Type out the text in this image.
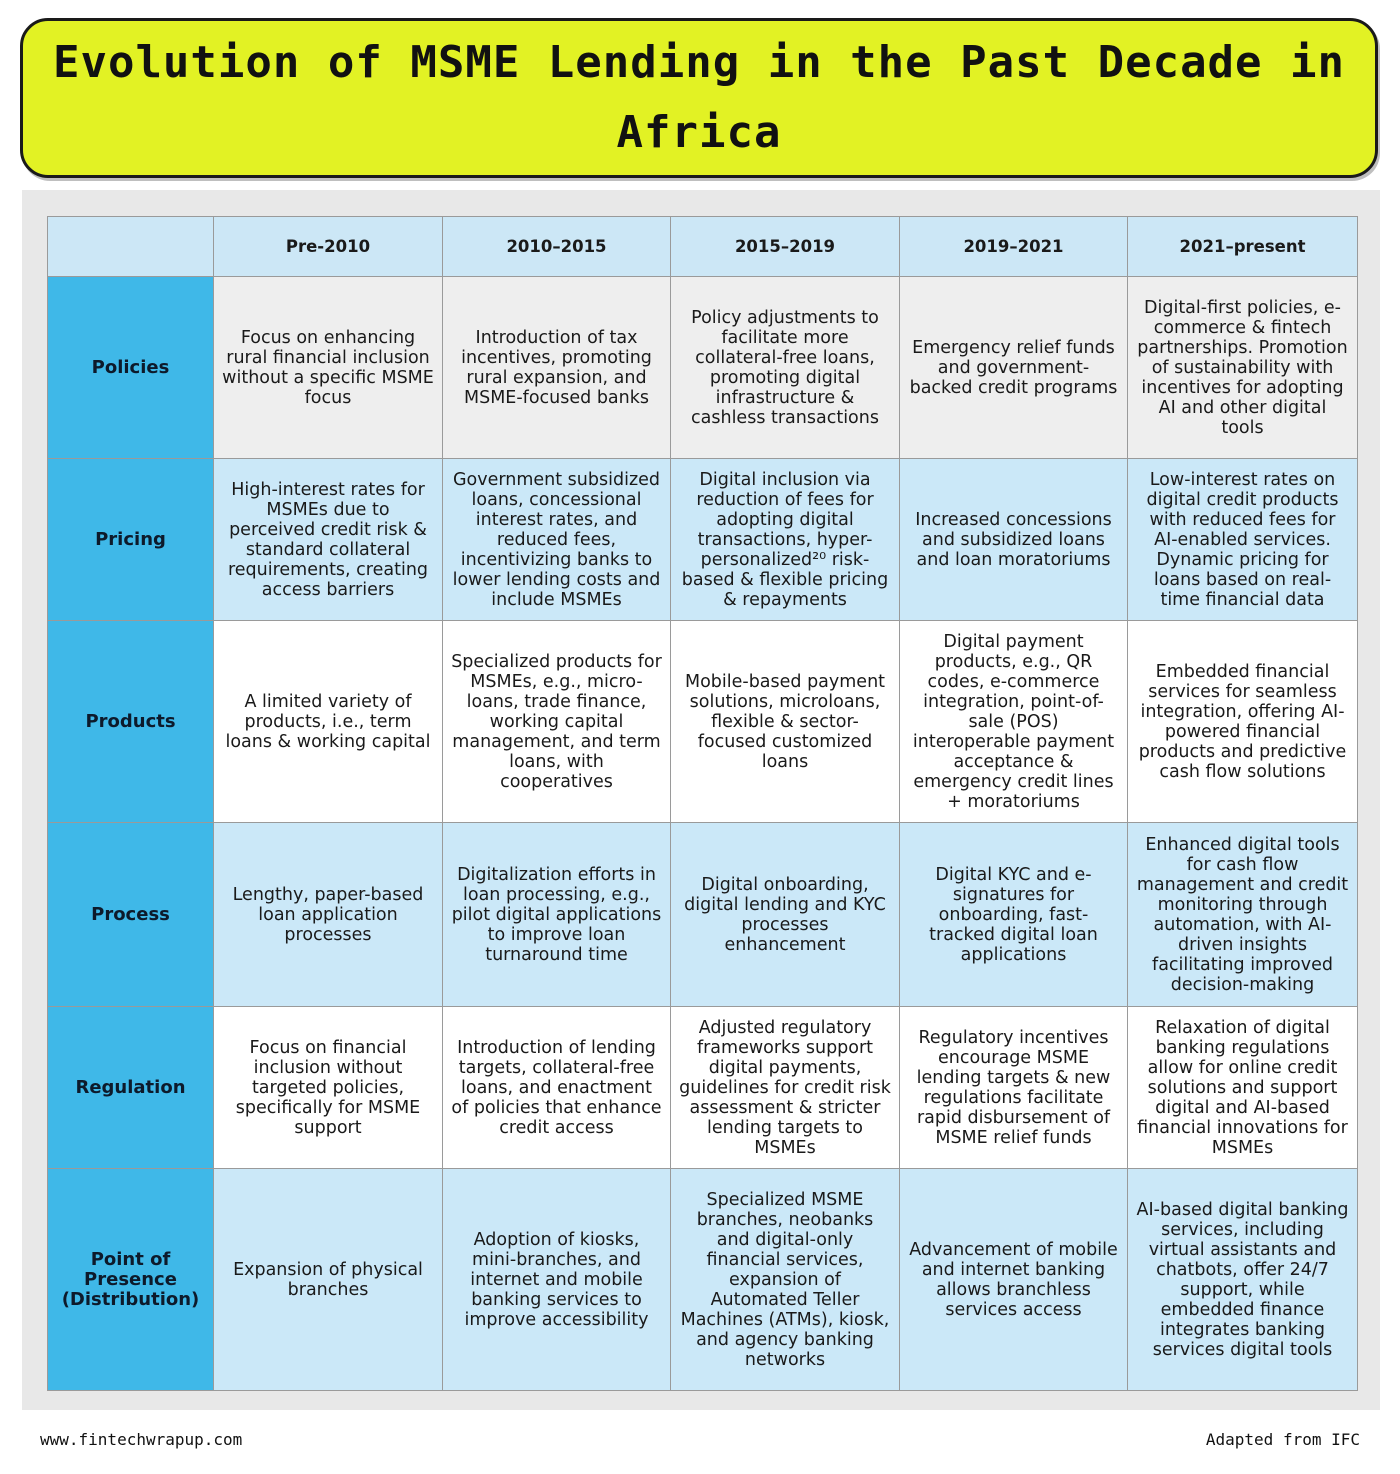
Evolution of MSME Lending in the Past Decade in Africa
	Pre-2010	2010–2015	2015–2019	2019–2021	2021–present
Policies	Focus on enhancing rural financial inclusion without a specific MSME focus	Introduction of tax incentives, promoting rural expansion, and MSME-focused banks	Policy adjustments to facilitate more collateral-free loans, promoting digital infrastructure & cashless transactions	Emergency relief funds and government-backed credit programs	Digital-first policies, e-commerce & fintech partnerships. Promotion of sustainability with incentives for adopting AI and other digital tools
Pricing	High-interest rates for MSMEs due to perceived credit risk & standard collateral requirements, creating access barriers	Government subsidized loans, concessional interest rates, and reduced fees, incentivizing banks to lower lending costs and include MSMEs	Digital inclusion via reduction of fees for adopting digital transactions, hyper-personalized²⁰ risk-based & flexible pricing & repayments	Increased concessions and subsidized loans and loan moratoriums	Low-interest rates on digital credit products with reduced fees for AI-enabled services. Dynamic pricing for loans based on real-time financial data
Products	A limited variety of products, i.e., term loans & working capital	Specialized products for MSMEs, e.g., micro-loans, trade finance, working capital management, and term loans, with cooperatives	Mobile-based payment solutions, microloans, flexible & sector-focused customized loans	Digital payment products, e.g., QR codes, e-commerce integration, point-of-sale (POS) interoperable payment acceptance & emergency credit lines + moratoriums	Embedded financial services for seamless integration, offering AI-powered financial products and predictive cash flow solutions
Process	Lengthy, paper-based loan application processes	Digitalization efforts in loan processing, e.g., pilot digital applications to improve loan turnaround time	Digital onboarding, digital lending and KYC processes enhancement	Digital KYC and e-signatures for onboarding, fast-tracked digital loan applications	Enhanced digital tools for cash flow management and credit monitoring through automation, with AI-driven insights facilitating improved decision-making
Regulation	Focus on financial inclusion without targeted policies, specifically for MSME support	Introduction of lending targets, collateral-free loans, and enactment of policies that enhance credit access	Adjusted regulatory frameworks support digital payments, guidelines for credit risk assessment & stricter lending targets to MSMEs	Regulatory incentives encourage MSME lending targets & new regulations facilitate rapid disbursement of MSME relief funds	Relaxation of digital banking regulations allow for online credit solutions and support digital and AI-based financial innovations for MSMEs
Point of Presence (Distribution)	Expansion of physical branches	Adoption of kiosks, mini-branches, and internet and mobile banking services to improve accessibility	Specialized MSME branches, neobanks and digital-only financial services, expansion of Automated Teller Machines (ATMs), kiosk, and agency banking networks	Advancement of mobile and internet banking allows branchless services access	AI-based digital banking services, including virtual assistants and chatbots, offer 24/7 support, while embedded finance integrates banking services digital tools
www.fintechwrapup.com	Adapted from IFC
